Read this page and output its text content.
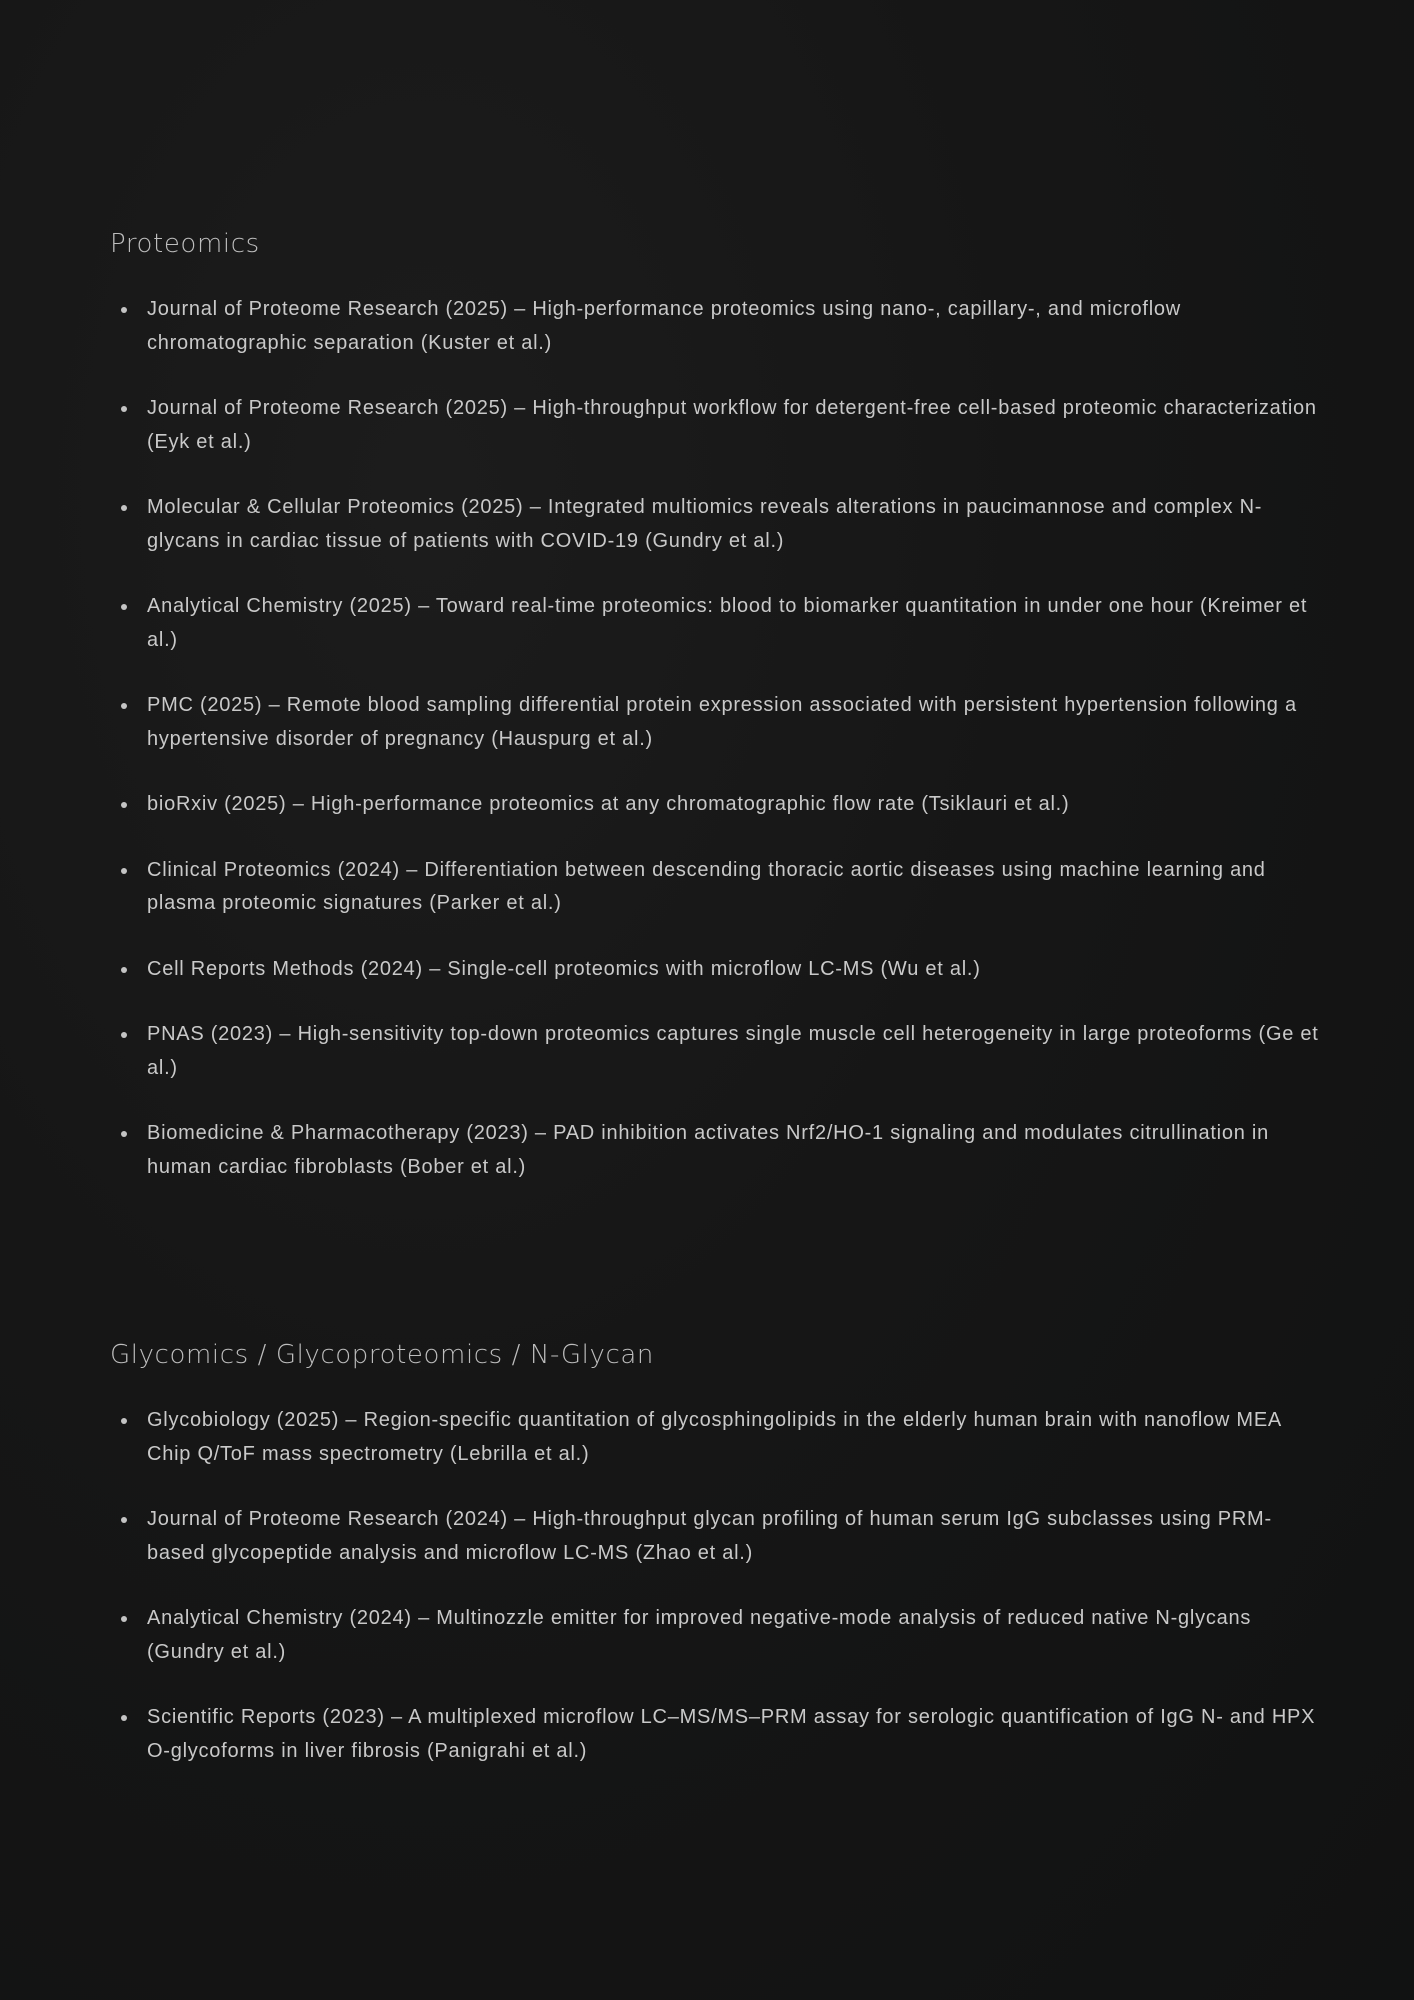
Proteomics
Journal of Proteome Research (2025) – High-performance proteomics using nano-, capillary-, and microflow chromatographic separation (Kuster et al.)
Journal of Proteome Research (2025) – High-throughput workflow for detergent-free cell-based proteomic characterization (Eyk et al.)
Molecular & Cellular Proteomics (2025) – Integrated multiomics reveals alterations in paucimannose and complex N-glycans in cardiac tissue of patients with COVID-19 (Gundry et al.)
Analytical Chemistry (2025) – Toward real-time proteomics: blood to biomarker quantitation in under one hour (Kreimer et al.)
PMC (2025) – Remote blood sampling differential protein expression associated with persistent hypertension following a hypertensive disorder of pregnancy (Hauspurg et al.)
bioRxiv (2025) – High-performance proteomics at any chromatographic flow rate (Tsiklauri et al.)
Clinical Proteomics (2024) – Differentiation between descending thoracic aortic diseases using machine learning and plasma proteomic signatures (Parker et al.)
Cell Reports Methods (2024) – Single-cell proteomics with microflow LC-MS (Wu et al.)
PNAS (2023) – High-sensitivity top-down proteomics captures single muscle cell heterogeneity in large proteoforms (Ge et al.)
Biomedicine & Pharmacotherapy (2023) – PAD inhibition activates Nrf2/HO-1 signaling and modulates citrullination in human cardiac fibroblasts (Bober et al.)
Glycomics / Glycoproteomics / N-Glycan
Glycobiology (2025) – Region-specific quantitation of glycosphingolipids in the elderly human brain with nanoflow MEA Chip Q/ToF mass spectrometry (Lebrilla et al.)
Journal of Proteome Research (2024) – High-throughput glycan profiling of human serum IgG subclasses using PRM-based glycopeptide analysis and microflow LC-MS (Zhao et al.)
Analytical Chemistry (2024) – Multinozzle emitter for improved negative-mode analysis of reduced native N-glycans (Gundry et al.)
Scientific Reports (2023) – A multiplexed microflow LC–MS/MS–PRM assay for serologic quantification of IgG N- and HPX O-glycoforms in liver fibrosis (Panigrahi et al.)
